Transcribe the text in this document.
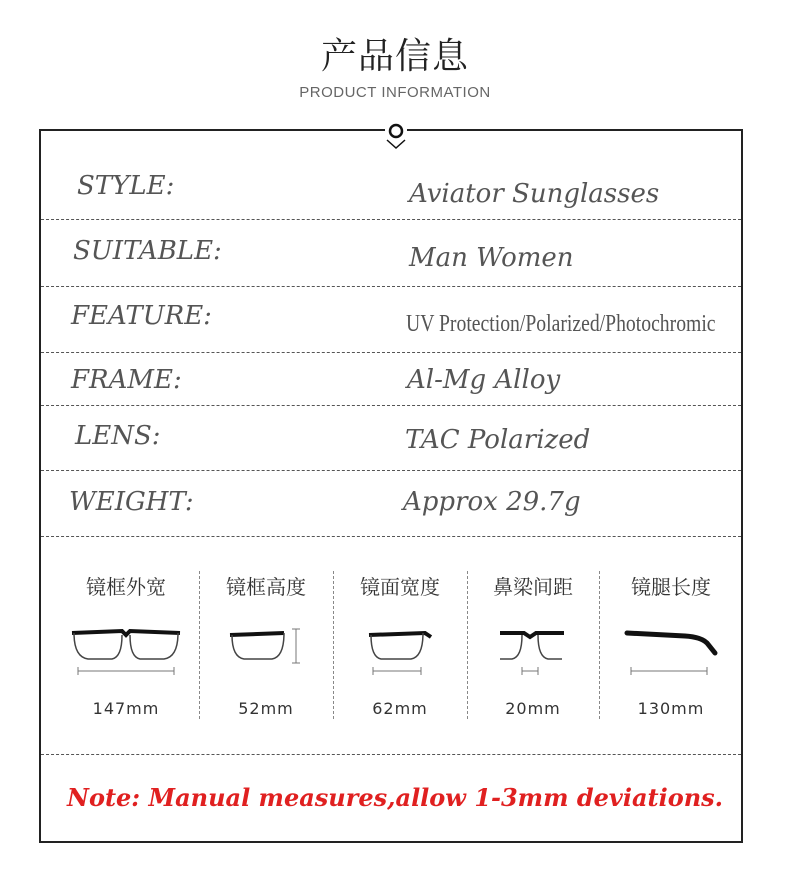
产品信息
PRODUCT INFORMATION
STYLE:	Aviator Sunglasses
SUITABLE:	Man Women
FEATURE:	UV Protection/Polarized/Photochromic
FRAME:	Al-Mg Alloy
LENS:	TAC Polarized
WEIGHT:	Approx 29.7g
镜框外宽
147mm
镜框高度
52mm
镜面宽度
62mm
鼻梁间距
20mm
镜腿长度
130mm
Note: Manual measures,allow 1-3mm deviations.
